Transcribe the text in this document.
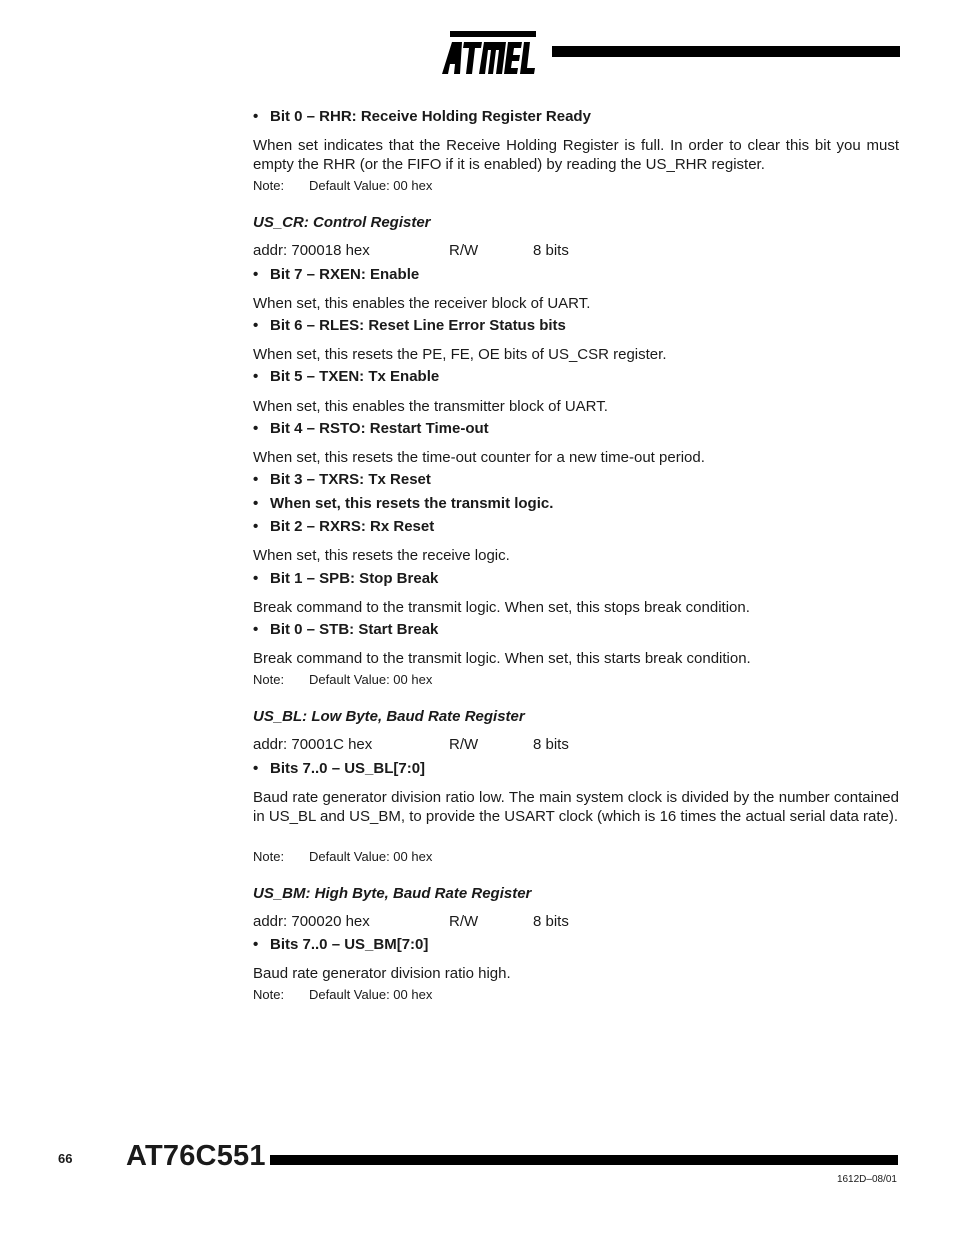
ATMEL
• Bit 0 – RHR: Receive Holding Register Ready
When set indicates that the Receive Holding Register is full. In order to clear this bit you must empty the RHR (or the FIFO if it is enabled) by reading the US_RHR register.
Note: Default Value: 00 hex
US_CR: Control Register
addr: 700018 hex	R/W	8 bits
• Bit 7 – RXEN: Enable
When set, this enables the receiver block of UART.
• Bit 6 – RLES: Reset Line Error Status bits
When set, this resets the PE, FE, OE bits of US_CSR register.
• Bit 5 – TXEN: Tx Enable
When set, this enables the transmitter block of UART.
• Bit 4 – RSTO: Restart Time-out
When set, this resets the time-out counter for a new time-out period.
• Bit 3 – TXRS: Tx Reset
• When set, this resets the transmit logic.
• Bit 2 – RXRS: Rx Reset
When set, this resets the receive logic.
• Bit 1 – SPB: Stop Break
Break command to the transmit logic. When set, this stops break condition.
• Bit 0 – STB: Start Break
Break command to the transmit logic. When set, this starts break condition.
Note: Default Value: 00 hex
US_BL: Low Byte, Baud Rate Register
addr: 70001C hex	R/W	8 bits
• Bits 7..0 – US_BL[7:0]
Baud rate generator division ratio low. The main system clock is divided by the number contained in US_BL and US_BM, to provide the USART clock (which is 16 times the actual serial data rate).
Note: Default Value: 00 hex
US_BM: High Byte, Baud Rate Register
addr: 700020 hex	R/W	8 bits
• Bits 7..0 – US_BM[7:0]
Baud rate generator division ratio high.
Note: Default Value: 00 hex
66 AT76C551
1612D–08/01
